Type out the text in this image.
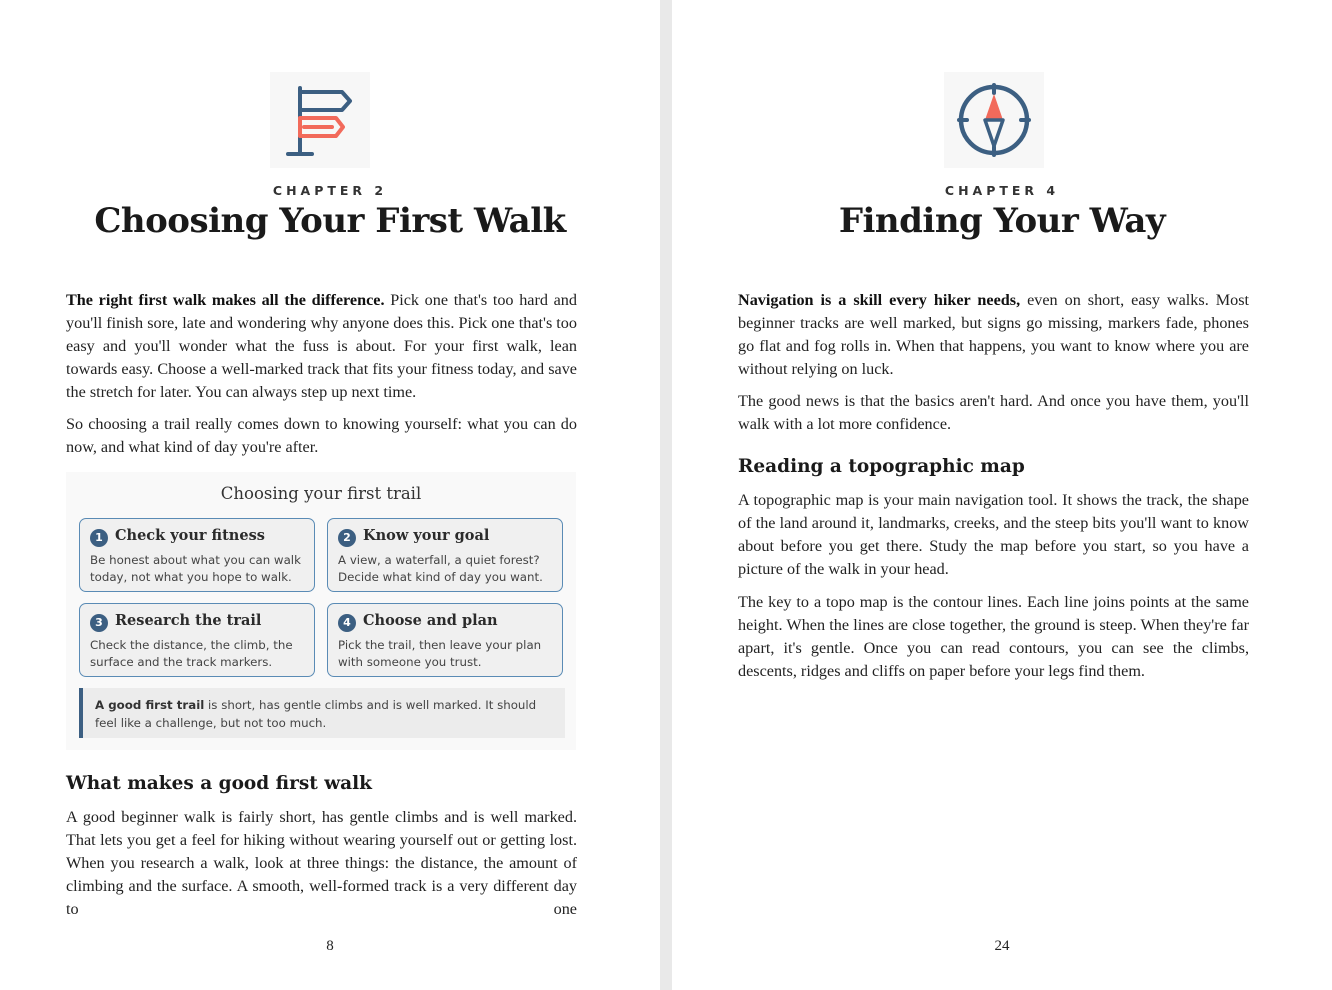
CHAPTER 2
Choosing Your First Walk

The right first walk makes all the difference. Pick one that's too hard and you'll finish sore, late and wondering why anyone does this. Pick one that's too easy and you'll wonder what the fuss is about. For your first walk, lean towards easy. Choose a well-marked track that fits your fitness today, and save the stretch for later. You can always step up next time.

So choosing a trail really comes down to knowing yourself: what you can do now, and what kind of day you're after.

Choosing your first trail
1 Check your fitness
Be honest about what you can walk today, not what you hope to walk.
2 Know your goal
A view, a waterfall, a quiet forest? Decide what kind of day you want.
3 Research the trail
Check the distance, the climb, the surface and the track markers.
4 Choose and plan
Pick the trail, then leave your plan with someone you trust.
A good first trail is short, has gentle climbs and is well marked. It should feel like a challenge, but not too much.
What makes a good first walk

A good beginner walk is fairly short, has gentle climbs and is well marked. That lets you get a feel for hiking without wearing yourself out or getting lost. When you research a walk, look at three things: the distance, the amount of climbing and the surface. A smooth, well-formed track is a very different day to one

8
CHAPTER 4
Finding Your Way

Navigation is a skill every hiker needs, even on short, easy walks. Most beginner tracks are well marked, but signs go missing, markers fade, phones go flat and fog rolls in. When that happens, you want to know where you are without relying on luck.

The good news is that the basics aren't hard. And once you have them, you'll walk with a lot more confidence.

Reading a topographic map

A topographic map is your main navigation tool. It shows the track, the shape of the land around it, landmarks, creeks, and the steep bits you'll want to know about before you get there. Study the map before you start, so you have a picture of the walk in your head.

The key to a topo map is the contour lines. Each line joins points at the same height. When the lines are close together, the ground is steep. When they're far apart, it's gentle. Once you can read contours, you can see the climbs, descents, ridges and cliffs on paper before your legs find them.

24
